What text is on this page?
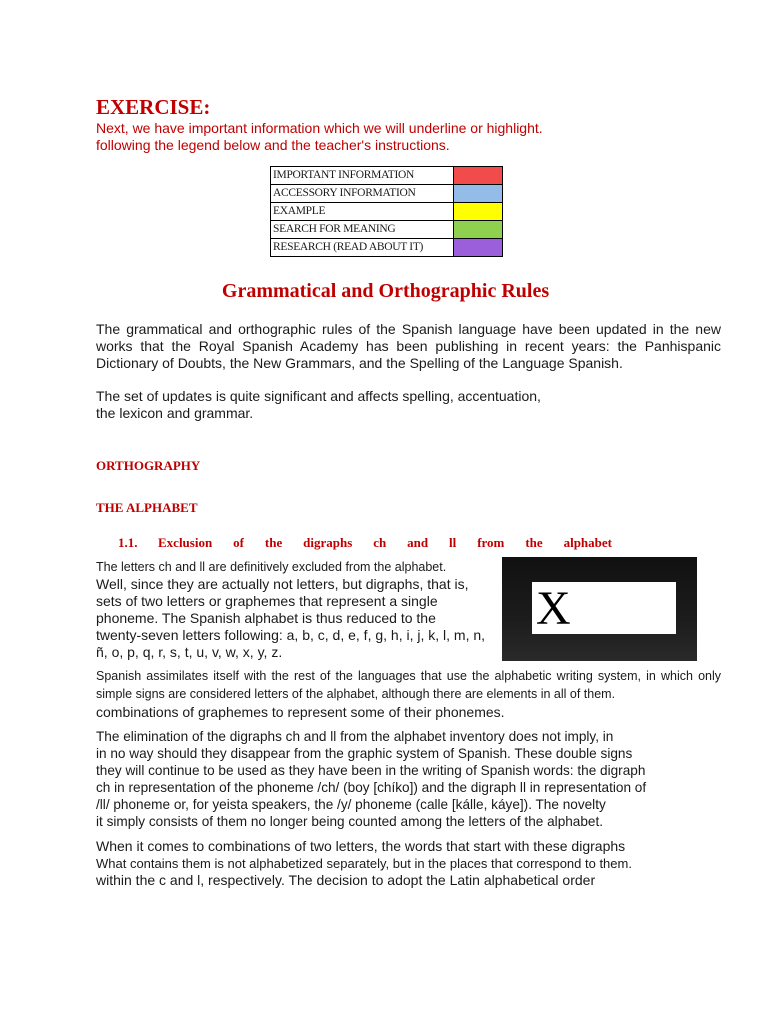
EXERCISE:
Next, we have important information which we will underline or highlight.
following the legend below and the teacher's instructions.
IMPORTANT INFORMATION	
ACCESSORY INFORMATION	
EXAMPLE	
SEARCH FOR MEANING	
RESEARCH (READ ABOUT IT)	
Grammatical and Orthographic Rules
The grammatical and orthographic rules of the Spanish language have been updated in the new works that the Royal Spanish Academy has been publishing in recent years: the Panhispanic Dictionary of Doubts, the New Grammars, and the Spelling of the Language Spanish.
The set of updates is quite significant and affects spelling, accentuation,
the lexicon and grammar.
ORTHOGRAPHY
THE ALPHABET
1.1. Exclusion of the digraphs ch and ll from the alphabet
The letters ch and ll are definitively excluded from the alphabet.
Well, since they are actually not letters, but digraphs, that is,
sets of two letters or graphemes that represent a single
phoneme. The Spanish alphabet is thus reduced to the
twenty-seven letters following: a, b, c, d, e, f, g, h, i, j, k, l, m, n,
ñ, o, p, q, r, s, t, u, v, w, x, y, z.
X
Spanish assimilates itself with the rest of the languages that use the alphabetic writing system, in which only simple signs are considered letters of the alphabet, although there are elements in all of them.
combinations of graphemes to represent some of their phonemes.
The elimination of the digraphs ch and ll from the alphabet inventory does not imply, in
in no way should they disappear from the graphic system of Spanish. These double signs
they will continue to be used as they have been in the writing of Spanish words: the digraph
ch in representation of the phoneme /ch/ (boy [chíko]) and the digraph ll in representation of
/ll/ phoneme or, for yeista speakers, the /y/ phoneme (calle [kálle, káye]). The novelty
it simply consists of them no longer being counted among the letters of the alphabet.
When it comes to combinations of two letters, the words that start with these digraphs
What contains them is not alphabetized separately, but in the places that correspond to them.
within the c and l, respectively. The decision to adopt the Latin alphabetical order
